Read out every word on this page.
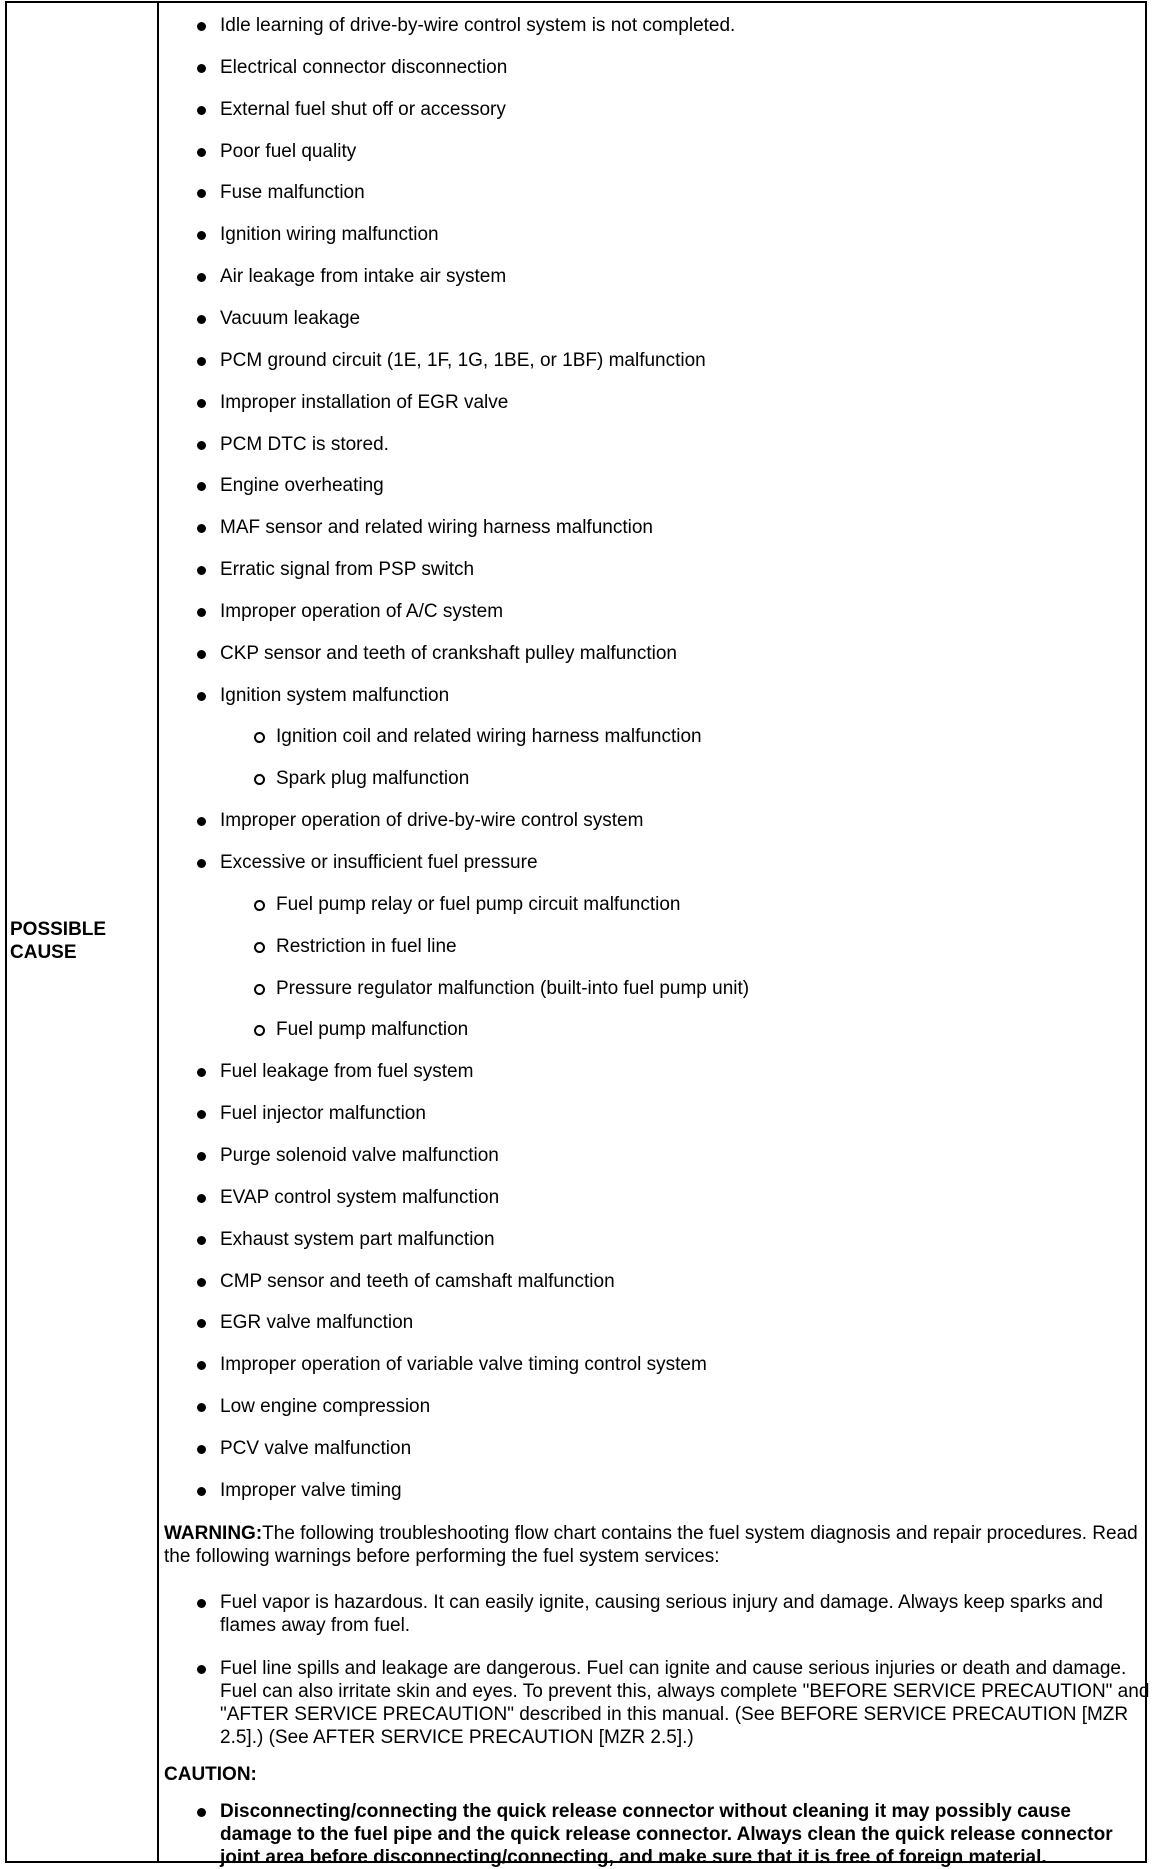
POSSIBLE
CAUSE
WARNING:The following troubleshooting flow chart contains the fuel system diagnosis and repair procedures. Read the following warnings before performing the fuel system services:
Fuel vapor is hazardous. It can easily ignite, causing serious injury and damage. Always keep sparks and flames away from fuel.
Fuel line spills and leakage are dangerous. Fuel can ignite and cause serious injuries or death and damage. Fuel can also irritate skin and eyes. To prevent this, always complete "BEFORE SERVICE PRECAUTION" and "AFTER SERVICE PRECAUTION" described in this manual. (See BEFORE SERVICE PRECAUTION [MZR 2.5].) (See AFTER SERVICE PRECAUTION [MZR 2.5].)
CAUTION:
Disconnecting/connecting the quick release connector without cleaning it may possibly cause damage to the fuel pipe and the quick release connector. Always clean the quick release connector joint area before disconnecting/connecting, and make sure that it is free of foreign material.
Idle learning of drive-by-wire control system is not completed.
Electrical connector disconnection
External fuel shut off or accessory
Poor fuel quality
Fuse malfunction
Ignition wiring malfunction
Air leakage from intake air system
Vacuum leakage
PCM ground circuit (1E, 1F, 1G, 1BE, or 1BF) malfunction
Improper installation of EGR valve
PCM DTC is stored.
Engine overheating
MAF sensor and related wiring harness malfunction
Erratic signal from PSP switch
Improper operation of A/C system
CKP sensor and teeth of crankshaft pulley malfunction
Ignition system malfunction
Ignition coil and related wiring harness malfunction
Spark plug malfunction
Improper operation of drive-by-wire control system
Excessive or insufficient fuel pressure
Fuel pump relay or fuel pump circuit malfunction
Restriction in fuel line
Pressure regulator malfunction (built-into fuel pump unit)
Fuel pump malfunction
Fuel leakage from fuel system
Fuel injector malfunction
Purge solenoid valve malfunction
EVAP control system malfunction
Exhaust system part malfunction
CMP sensor and teeth of camshaft malfunction
EGR valve malfunction
Improper operation of variable valve timing control system
Low engine compression
PCV valve malfunction
Improper valve timing
